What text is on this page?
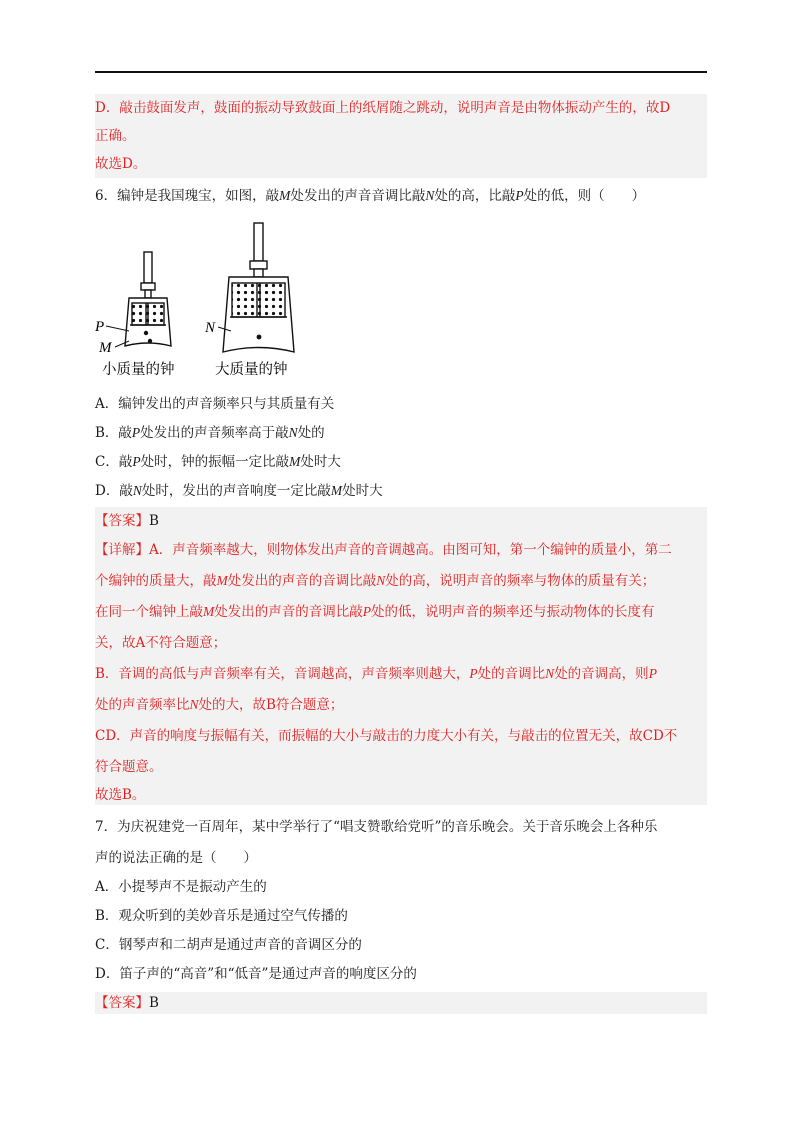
D．敲击鼓面发声，鼓面的振动导致鼓面上的纸屑随之跳动，说明声音是由物体振动产生的，故D
正确。
故选D。
6．编钟是我国瑰宝，如图，敲M处发出的声音音调比敲N处的高，比敲P处的低，则（　　）
P
M
N
小质量的钟	大质量的钟
A．编钟发出的声音频率只与其质量有关
B．敲P处发出的声音频率高于敲N处的
C．敲P处时，钟的振幅一定比敲M处时大
D．敲N处时，发出的声音响度一定比敲M处时大
【答案】B
【详解】A．声音频率越大，则物体发出声音的音调越高。由图可知，第一个编钟的质量小，第二
个编钟的质量大，敲M处发出的声音的音调比敲N处的高，说明声音的频率与物体的质量有关；
在同一个编钟上敲M处发出的声音的音调比敲P处的低，说明声音的频率还与振动物体的长度有
关，故A不符合题意；
B．音调的高低与声音频率有关，音调越高，声音频率则越大，P处的音调比N处的音调高，则P
处的声音频率比N处的大，故B符合题意；
CD．声音的响度与振幅有关，而振幅的大小与敲击的力度大小有关，与敲击的位置无关，故CD不
符合题意。
故选B。
7．为庆祝建党一百周年，某中学举行了“唱支赞歌给党听”的音乐晚会。关于音乐晚会上各种乐
声的说法正确的是（　　）
A．小提琴声不是振动产生的
B．观众听到的美妙音乐是通过空气传播的
C．钢琴声和二胡声是通过声音的音调区分的
D．笛子声的“高音”和“低音”是通过声音的响度区分的
【答案】B
